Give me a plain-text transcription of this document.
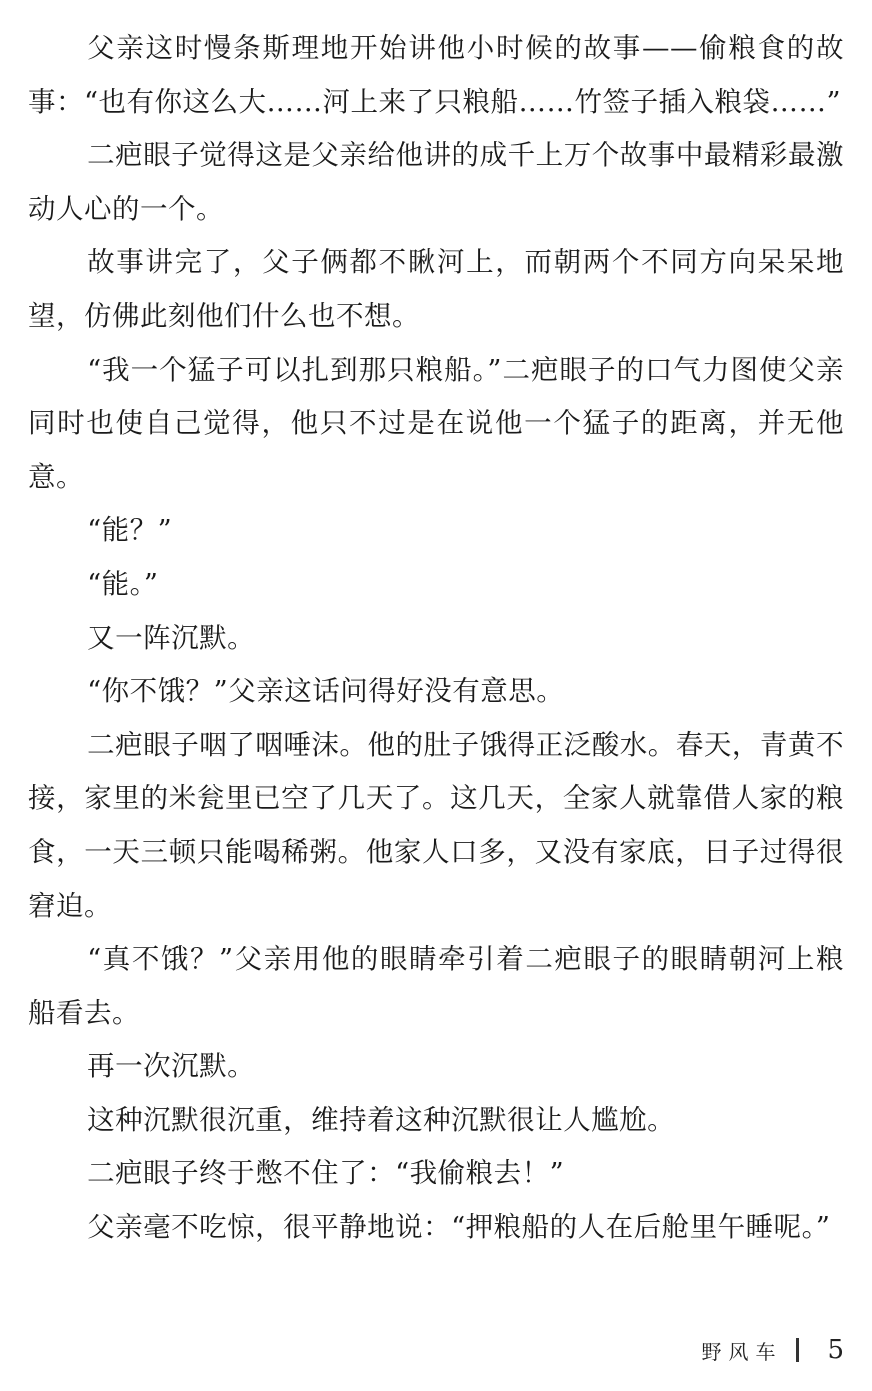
父亲这时慢条斯理地开始讲他小时候的故事——偷粮食的故事：“也有你这么大……河上来了只粮船……竹签子插入粮袋……”

二疤眼子觉得这是父亲给他讲的成千上万个故事中最精彩最激动人心的一个。

故事讲完了，父子俩都不瞅河上，而朝两个不同方向呆呆地望，仿佛此刻他们什么也不想。

“我一个猛子可以扎到那只粮船。”二疤眼子的口气力图使父亲同时也使自己觉得，他只不过是在说他一个猛子的距离，并无他意。

“能？”

“能。”

又一阵沉默。

“你不饿？”父亲这话问得好没有意思。

二疤眼子咽了咽唾沫。他的肚子饿得正泛酸水。春天，青黄不接，家里的米瓮里已空了几天了。这几天，全家人就靠借人家的粮食，一天三顿只能喝稀粥。他家人口多，又没有家底，日子过得很窘迫。

“真不饿？”父亲用他的眼睛牵引着二疤眼子的眼睛朝河上粮船看去。

再一次沉默。

这种沉默很沉重，维持着这种沉默很让人尴尬。

二疤眼子终于憋不住了：“我偷粮去！”

父亲毫不吃惊，很平静地说：“押粮船的人在后舱里午睡呢。”

野风车 5
